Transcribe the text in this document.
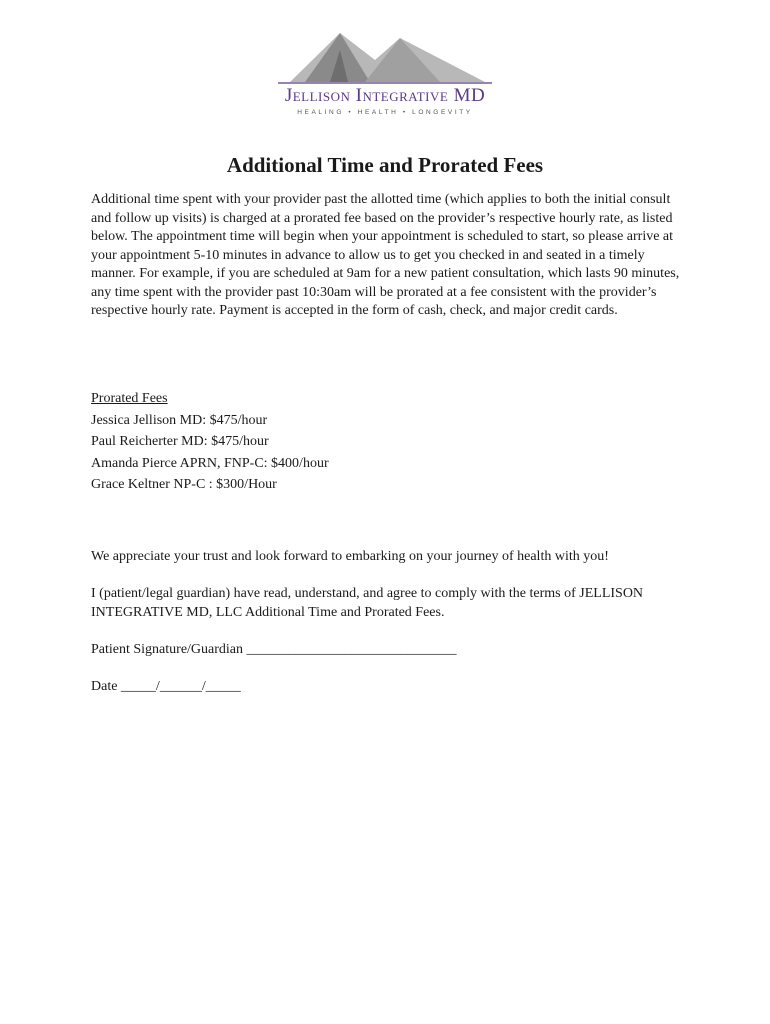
Jellison Integrative MD
HEALING • HEALTH • LONGEVITY
Additional Time and Prorated Fees

Additional time spent with your provider past the allotted time (which applies to both the initial consult and follow up visits) is charged at a prorated fee based on the provider’s respective hourly rate, as listed below. The appointment time will begin when your appointment is scheduled to start, so please arrive at your appointment 5-10 minutes in advance to allow us to get you checked in and seated in a timely manner. For example, if you are scheduled at 9am for a new patient consultation, which lasts 90 minutes, any time spent with the provider past 10:30am will be prorated at a fee consistent with the provider’s respective hourly rate. Payment is accepted in the form of cash, check, and major credit cards.

Prorated Fees
Jessica Jellison MD: $475/hour
Paul Reicherter MD: $475/hour
Amanda Pierce APRN, FNP-C: $400/hour
Grace Keltner NP-C : $300/Hour

We appreciate your trust and look forward to embarking on your journey of health with you!

I (patient/legal guardian) have read, understand, and agree to comply with the terms of JELLISON INTEGRATIVE MD, LLC Additional Time and Prorated Fees.

Patient Signature/Guardian ______________________________

Date _____/______/_____
